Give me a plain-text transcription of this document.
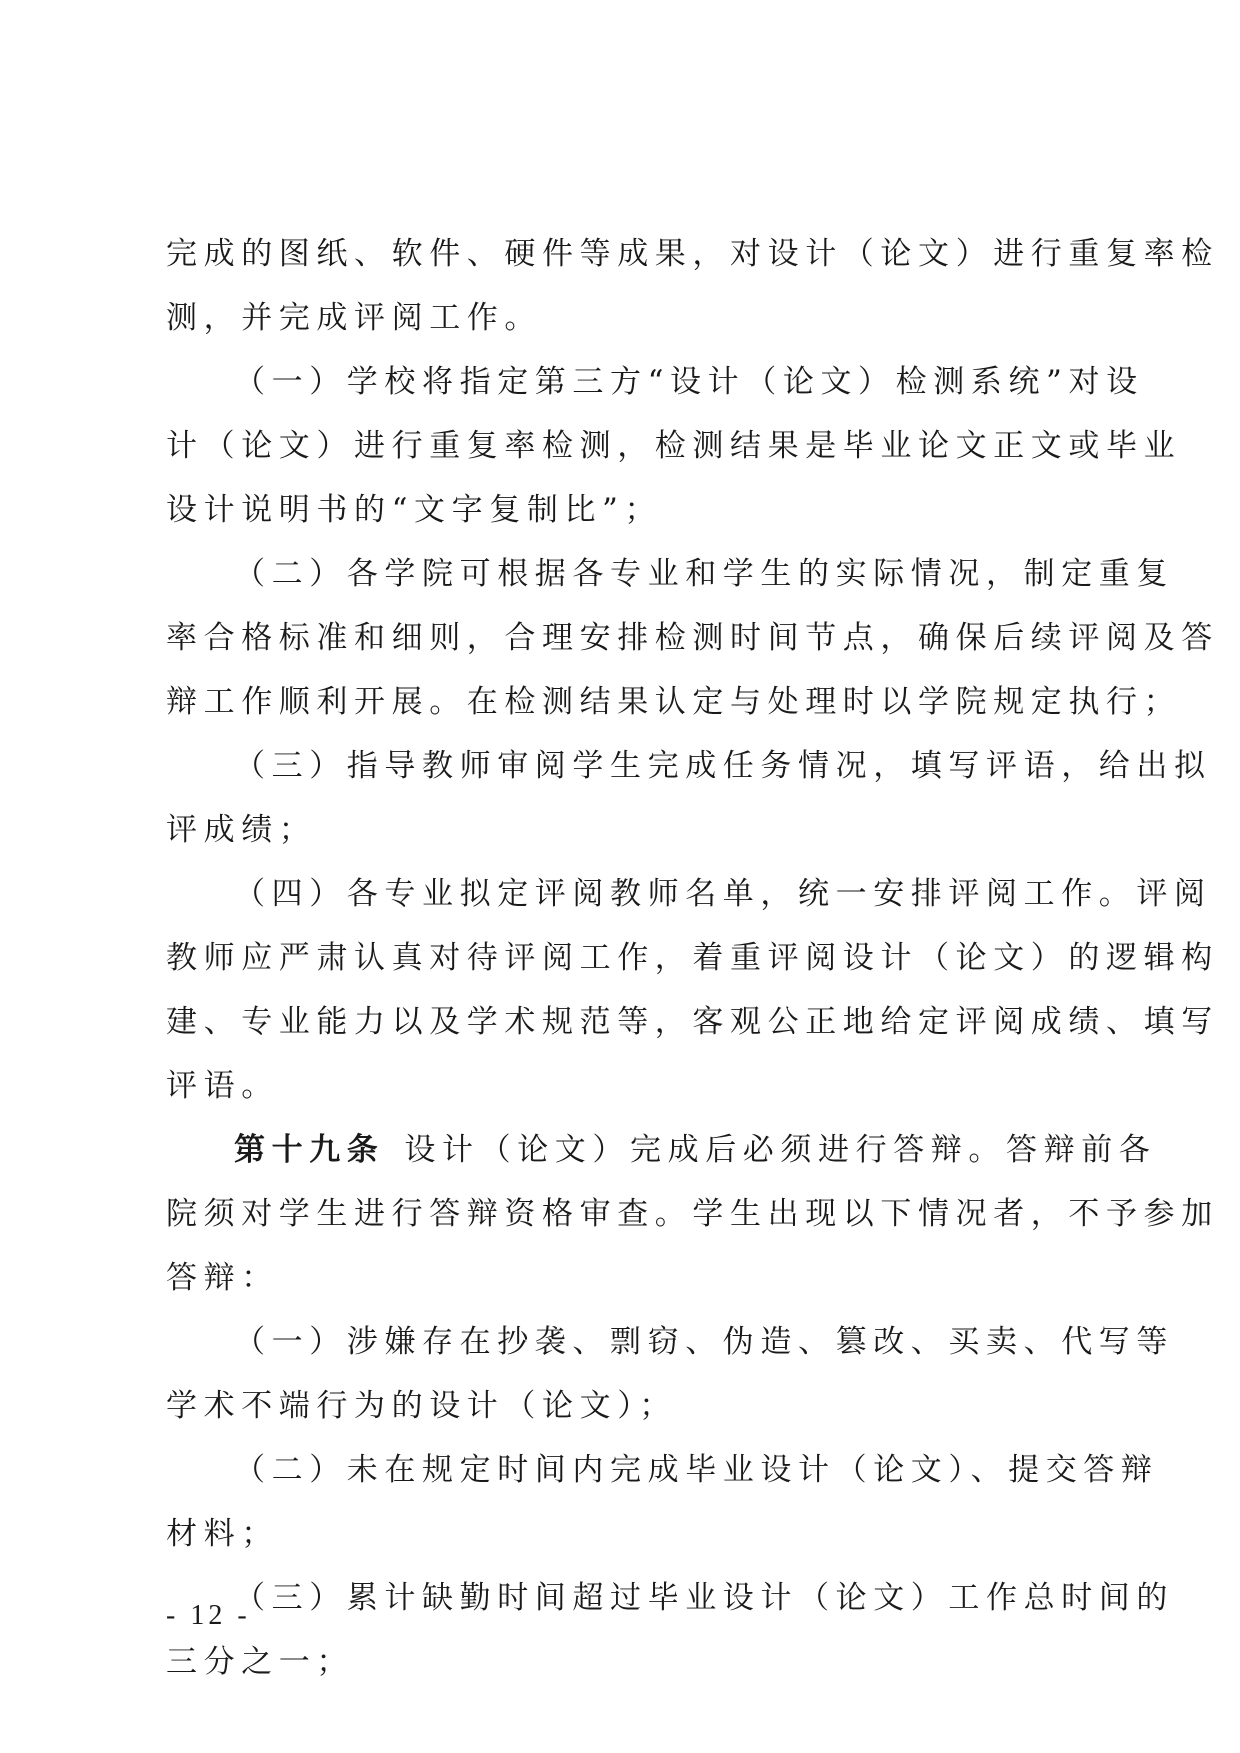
完成的图纸、软件、硬件等成果，对设计（论文）进行重复率检
测，并完成评阅工作。
（一）学校将指定第三方“设计（论文）检测系统”对设
计（论文）进行重复率检测，检测结果是毕业论文正文或毕业
设计说明书的“文字复制比”；
（二）各学院可根据各专业和学生的实际情况，制定重复
率合格标准和细则，合理安排检测时间节点，确保后续评阅及答
辩工作顺利开展。在检测结果认定与处理时以学院规定执行；
（三）指导教师审阅学生完成任务情况，填写评语，给出拟
评成绩；
（四）各专业拟定评阅教师名单，统一安排评阅工作。评阅
教师应严肃认真对待评阅工作，着重评阅设计（论文）的逻辑构
建、专业能力以及学术规范等，客观公正地给定评阅成绩、填写
评语。
第十九条 设计（论文）完成后必须进行答辩。答辩前各
院须对学生进行答辩资格审查。学生出现以下情况者，不予参加
答辩：
（一）涉嫌存在抄袭、剽窃、伪造、篡改、买卖、代写等
学术不端行为的设计（论文）；
（二）未在规定时间内完成毕业设计（论文）、提交答辩
材料；
（三）累计缺勤时间超过毕业设计（论文）工作总时间的
三分之一；
- 12 -
